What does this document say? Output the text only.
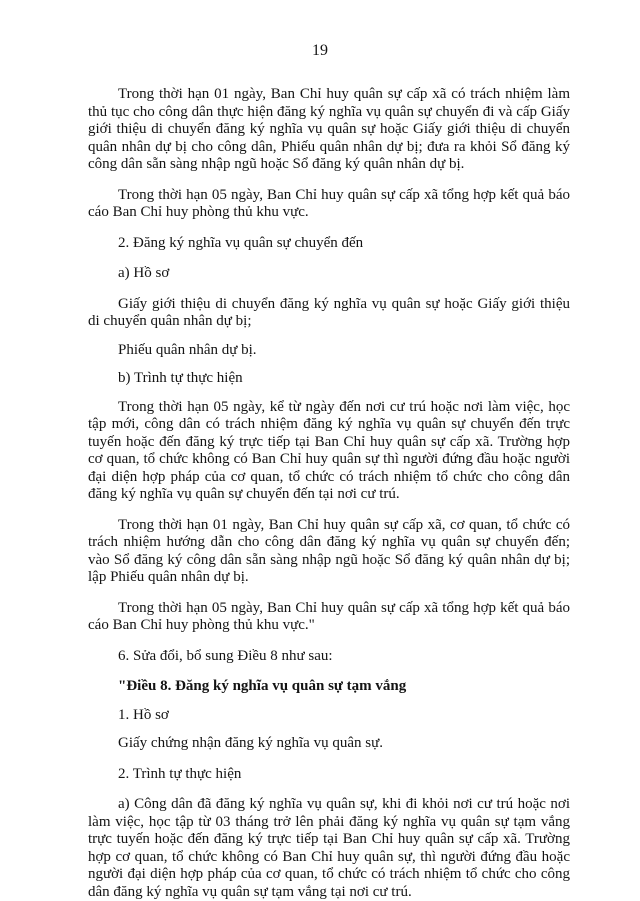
19

Trong thời hạn 01 ngày, Ban Chỉ huy quân sự cấp xã có trách nhiệm làm thủ tục cho công dân thực hiện đăng ký nghĩa vụ quân sự chuyển đi và cấp Giấy giới thiệu di chuyển đăng ký nghĩa vụ quân sự hoặc Giấy giới thiệu di chuyển quân nhân dự bị cho công dân, Phiếu quân nhân dự bị; đưa ra khỏi Sổ đăng ký công dân sẵn sàng nhập ngũ hoặc Sổ đăng ký quân nhân dự bị.

Trong thời hạn 05 ngày, Ban Chỉ huy quân sự cấp xã tổng hợp kết quả báo cáo Ban Chỉ huy phòng thủ khu vực.

2. Đăng ký nghĩa vụ quân sự chuyển đến

a) Hồ sơ

Giấy giới thiệu di chuyển đăng ký nghĩa vụ quân sự hoặc Giấy giới thiệu di chuyển quân nhân dự bị;

Phiếu quân nhân dự bị.

b) Trình tự thực hiện

Trong thời hạn 05 ngày, kể từ ngày đến nơi cư trú hoặc nơi làm việc, học tập mới, công dân có trách nhiệm đăng ký nghĩa vụ quân sự chuyển đến trực tuyến hoặc đến đăng ký trực tiếp tại Ban Chỉ huy quân sự cấp xã. Trường hợp cơ quan, tổ chức không có Ban Chỉ huy quân sự thì người đứng đầu hoặc người đại diện hợp pháp của cơ quan, tổ chức có trách nhiệm tổ chức cho công dân đăng ký nghĩa vụ quân sự chuyển đến tại nơi cư trú.

Trong thời hạn 01 ngày, Ban Chỉ huy quân sự cấp xã, cơ quan, tổ chức có trách nhiệm hướng dẫn cho công dân đăng ký nghĩa vụ quân sự chuyển đến; vào Sổ đăng ký công dân sẵn sàng nhập ngũ hoặc Sổ đăng ký quân nhân dự bị; lập Phiếu quân nhân dự bị.

Trong thời hạn 05 ngày, Ban Chỉ huy quân sự cấp xã tổng hợp kết quả báo cáo Ban Chỉ huy phòng thủ khu vực."

6. Sửa đổi, bổ sung Điều 8 như sau:

"Điều 8. Đăng ký nghĩa vụ quân sự tạm vắng

1. Hồ sơ

Giấy chứng nhận đăng ký nghĩa vụ quân sự.

2. Trình tự thực hiện

a) Công dân đã đăng ký nghĩa vụ quân sự, khi đi khỏi nơi cư trú hoặc nơi làm việc, học tập từ 03 tháng trở lên phải đăng ký nghĩa vụ quân sự tạm vắng trực tuyến hoặc đến đăng ký trực tiếp tại Ban Chỉ huy quân sự cấp xã. Trường hợp cơ quan, tổ chức không có Ban Chỉ huy quân sự, thì người đứng đầu hoặc người đại diện hợp pháp của cơ quan, tổ chức có trách nhiệm tổ chức cho công dân đăng ký nghĩa vụ quân sự tạm vắng tại nơi cư trú.
